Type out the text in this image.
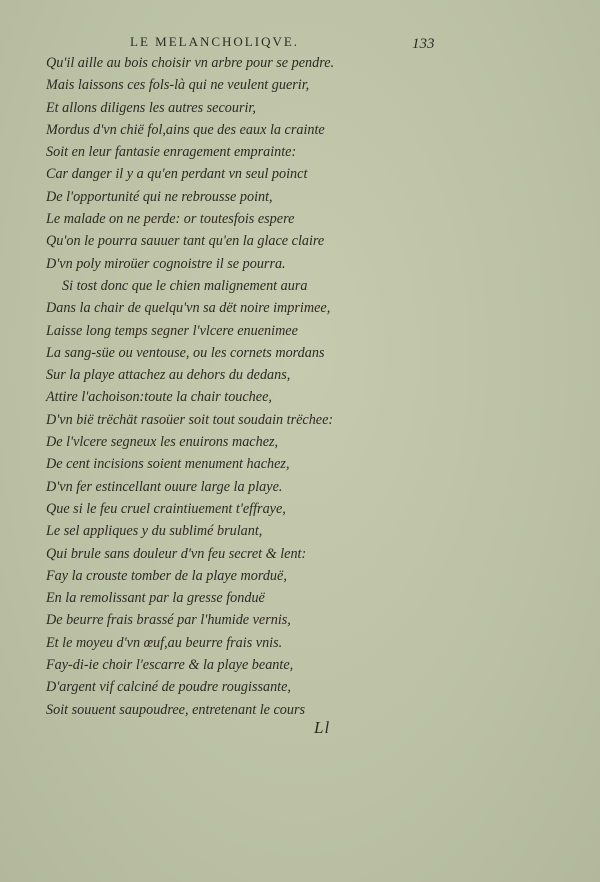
LE MELANCHOLIQVE.	133
Qu'il aille au bois choisir vn arbre pour se pendre.
Mais laissons ces fols-là qui ne veulent guerir,
Et allons diligens les autres secourir,
Mordus d'vn chië fol,ains que des eaux la crainte
Soit en leur fantasie enragement emprainte:
Car danger il y a qu'en perdant vn seul poinct
De l'opportunité qui ne rebrousse point,
Le malade on ne perde: or toutesfois espere
Qu'on le pourra sauuer tant qu'en la glace claire
D'vn poly miroüer cognoistre il se pourra.
Si tost donc que le chien malignement aura
Dans la chair de quelqu'vn sa dët noire imprimee,
Laisse long temps segner l'vlcere enuenimee
La sang-süe ou ventouse, ou les cornets mordans
Sur la playe attachez au dehors du dedans,
Attire l'achoison:toute la chair touchee,
D'vn bië trëchät rasoüer soit tout soudain trëchee:
De l'vlcere segneux les enuirons machez,
De cent incisions soient menument hachez,
D'vn fer estincellant ouure large la playe.
Que si le feu cruel craintiuement t'effraye,
Le sel appliques y du sublimé brulant,
Qui brule sans douleur d'vn feu secret & lent:
Fay la crouste tomber de la playe morduë,
En la remolissant par la gresse fonduë
De beurre frais brassé par l'humide vernis,
Et le moyeu d'vn œuf,au beurre frais vnis.
Fay-di-ie choir l'escarre & la playe beante,
D'argent vif calciné de poudre rougissante,
Soit souuent saupoudree, entretenant le cours
Ll
